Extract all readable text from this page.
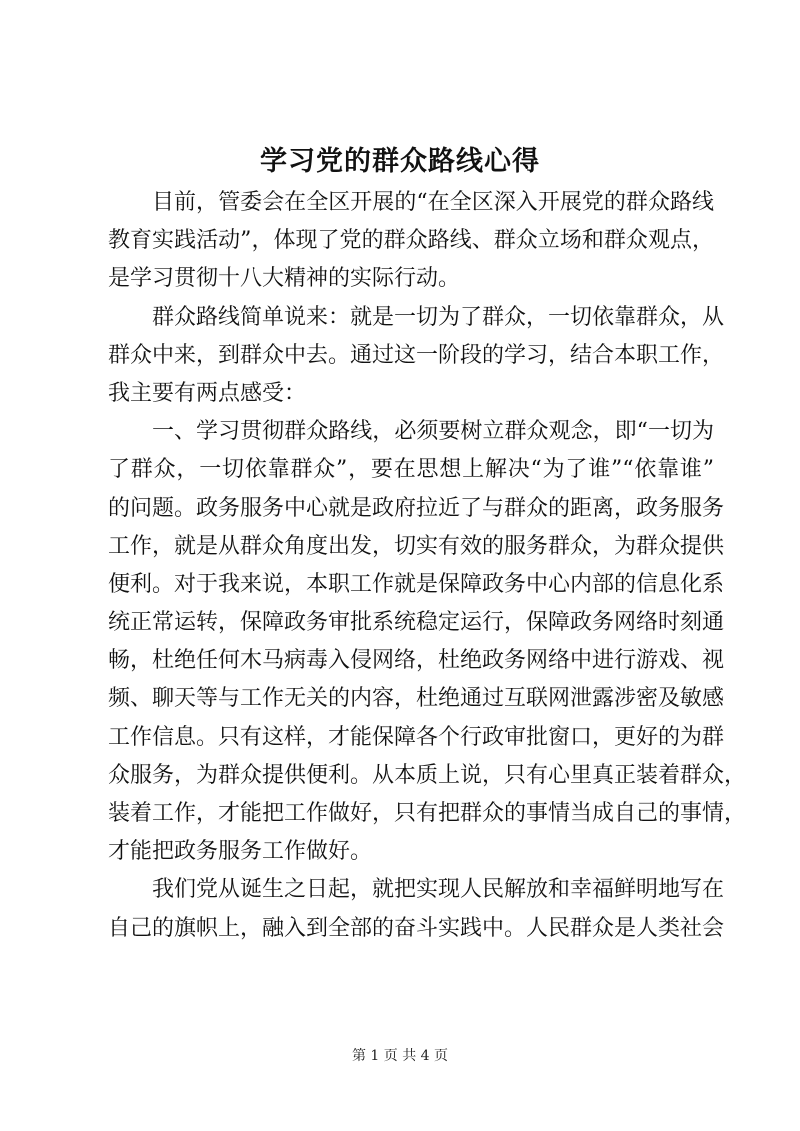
学习党的群众路线心得
目前，管委会在全区开展的“在全区深入开展党的群众路线
教育实践活动”，体现了党的群众路线、群众立场和群众观点，
是学习贯彻十八大精神的实际行动。
群众路线简单说来：就是一切为了群众，一切依靠群众，从
群众中来，到群众中去。通过这一阶段的学习，结合本职工作，
我主要有两点感受：
一、学习贯彻群众路线，必须要树立群众观念，即“一切为
了群众，一切依靠群众”，要在思想上解决“为了谁”“依靠谁”
的问题。政务服务中心就是政府拉近了与群众的距离，政务服务
工作，就是从群众角度出发，切实有效的服务群众，为群众提供
便利。对于我来说，本职工作就是保障政务中心内部的信息化系
统正常运转，保障政务审批系统稳定运行，保障政务网络时刻通
畅，杜绝任何木马病毒入侵网络，杜绝政务网络中进行游戏、视
频、聊天等与工作无关的内容，杜绝通过互联网泄露涉密及敏感
工作信息。只有这样，才能保障各个行政审批窗口，更好的为群
众服务，为群众提供便利。从本质上说，只有心里真正装着群众，
装着工作，才能把工作做好，只有把群众的事情当成自己的事情，
才能把政务服务工作做好。
我们党从诞生之日起，就把实现人民解放和幸福鲜明地写在
自己的旗帜上，融入到全部的奋斗实践中。人民群众是人类社会
第 1 页 共 4 页
